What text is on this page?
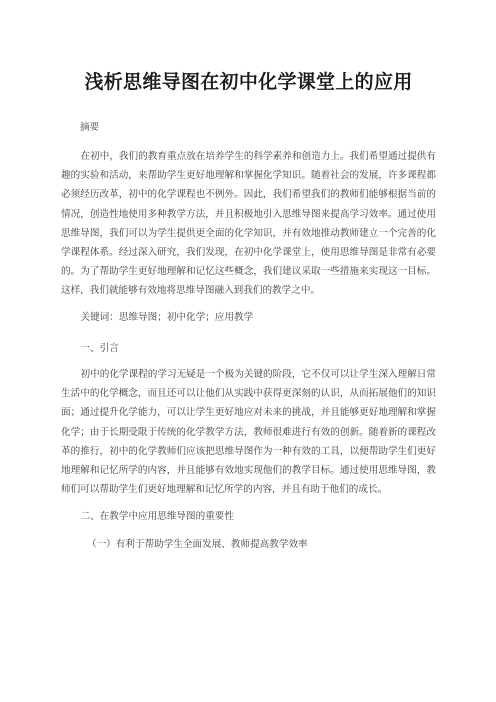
浅析思维导图在初中化学课堂上的应用

摘要

在初中，我们的教育重点放在培养学生的科学素养和创造力上。我们希望通过提供有趣的实验和活动，来帮助学生更好地理解和掌握化学知识。随着社会的发展，许多课程都必须经历改革，初中的化学课程也不例外。因此，我们希望我们的教师们能够根据当前的情况，创造性地使用多种教学方法，并且积极地引入思维导图来提高学习效率。通过使用思维导图，我们可以为学生提供更全面的化学知识，并有效地推动教师建立一个完善的化学课程体系。经过深入研究，我们发现，在初中化学课堂上，使用思维导图是非常有必要的。为了帮助学生更好地理解和记忆这些概念，我们建议采取一些措施来实现这一目标。这样，我们就能够有效地将思维导图融入到我们的教学之中。

关键词：思维导图；初中化学；应用教学

一、引言

初中的化学课程的学习无疑是一个极为关键的阶段，它不仅可以让学生深入理解日常生活中的化学概念，而且还可以让他们从实践中获得更深刻的认识，从而拓展他们的知识面；通过提升化学能力，可以让学生更好地应对未来的挑战，并且能够更好地理解和掌握化学；由于长期受限于传统的化学教学方法，教师很难进行有效的创新。随着新的课程改革的推行，初中的化学教师们应该把思维导图作为一种有效的工具，以便帮助学生们更好地理解和记忆所学的内容，并且能够有效地实现他们的教学目标。通过使用思维导图，教师们可以帮助学生们更好地理解和记忆所学的内容，并且有助于他们的成长。

二、在教学中应用思维导图的重要性

（一）有利于帮助学生全面发展、教师提高教学效率
